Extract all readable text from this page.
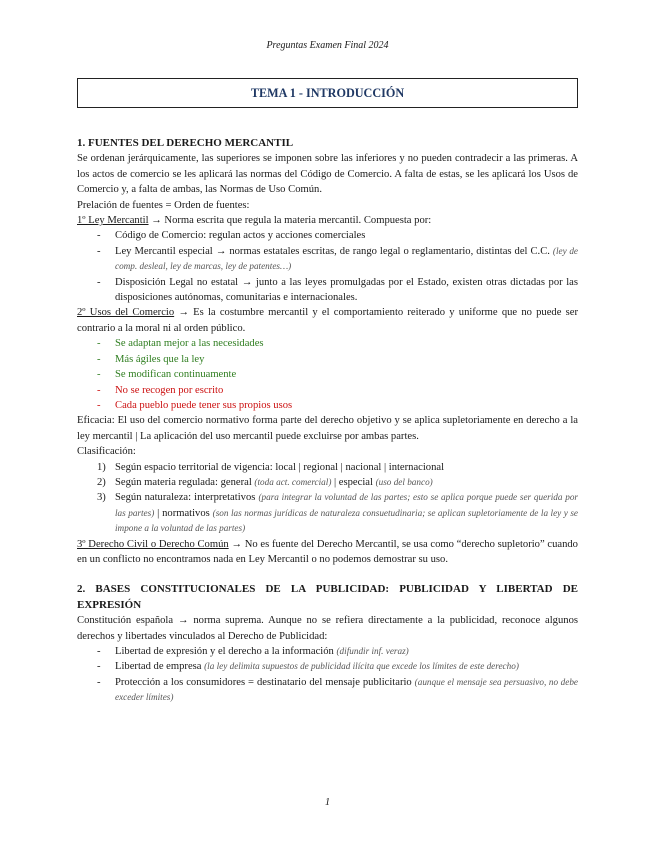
Preguntas Examen Final 2024
TEMA 1 - INTRODUCCIÓN

1. FUENTES DEL DERECHO MERCANTIL

Se ordenan jerárquicamente, las superiores se imponen sobre las inferiores y no pueden contradecir a las primeras. A los actos de comercio se les aplicará las normas del Código de Comercio. A falta de estas, se les aplicará los Usos de Comercio y, a falta de ambas, las Normas de Uso Común.

Prelación de fuentes = Orden de fuentes:

1º Ley Mercantil → Norma escrita que regula la materia mercantil. Compuesta por:

- Código de Comercio: regulan actos y acciones comerciales
- Ley Mercantil especial → normas estatales escritas, de rango legal o reglamentario, distintas del C.C. (ley de comp. desleal, ley de marcas, ley de patentes…)
- Disposición Legal no estatal → junto a las leyes promulgadas por el Estado, existen otras dictadas por las disposiciones autónomas, comunitarias e internacionales.

2º Usos del Comercio → Es la costumbre mercantil y el comportamiento reiterado y uniforme que no puede ser contrario a la moral ni al orden público.

- Se adaptan mejor a las necesidades
- Más ágiles que la ley
- Se modifican continuamente
- No se recogen por escrito
- Cada pueblo puede tener sus propios usos

Eficacia: El uso del comercio normativo forma parte del derecho objetivo y se aplica supletoriamente en derecho a la ley mercantil | La aplicación del uso mercantil puede excluirse por ambas partes.

Clasificación:

1) Según espacio territorial de vigencia: local | regional | nacional | internacional
2) Según materia regulada: general (toda act. comercial) | especial (uso del banco)
3) Según naturaleza: interpretativos (para integrar la voluntad de las partes; esto se aplica porque puede ser querida por las partes) | normativos (son las normas jurídicas de naturaleza consuetudinaria; se aplican supletoriamente de la ley y se impone a la voluntad de las partes)

3º Derecho Civil o Derecho Común → No es fuente del Derecho Mercantil, se usa como “derecho supletorio” cuando en un conflicto no encontramos nada en Ley Mercantil o no podemos demostrar su uso.

2. BASES CONSTITUCIONALES DE LA PUBLICIDAD: PUBLICIDAD Y LIBERTAD DE EXPRESIÓN

Constitución española → norma suprema. Aunque no se refiera directamente a la publicidad, reconoce algunos derechos y libertades vinculados al Derecho de Publicidad:

- Libertad de expresión y el derecho a la información (difundir inf. veraz)
- Libertad de empresa (la ley delimita supuestos de publicidad ilícita que excede los límites de este derecho)
- Protección a los consumidores = destinatario del mensaje publicitario (aunque el mensaje sea persuasivo, no debe exceder límites)
1
